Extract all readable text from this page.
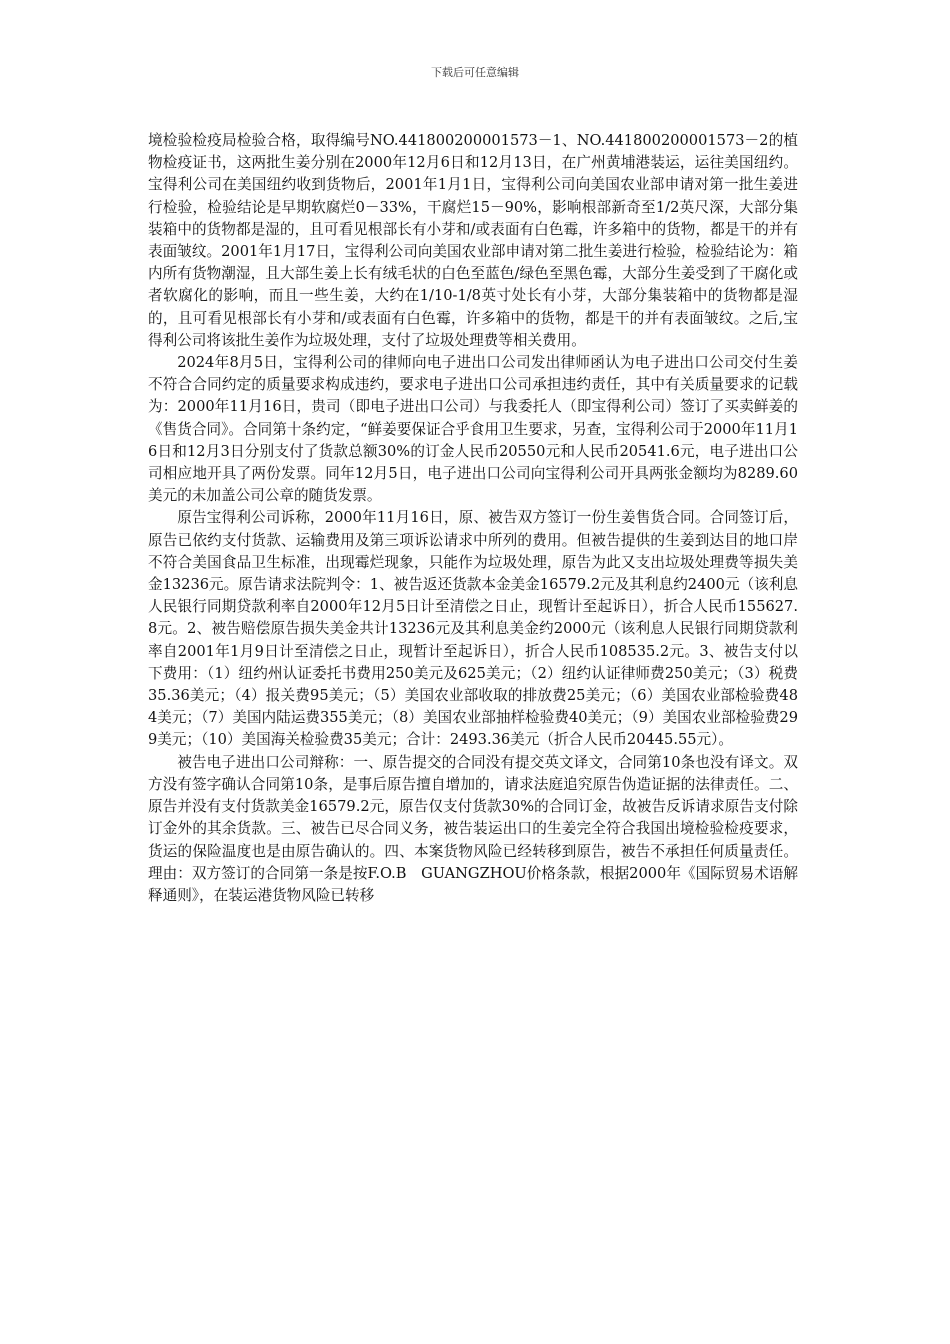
下载后可任意编辑

境检验检疫局检验合格，取得编号NO.441800200001573－1、NO.441800200001573－2的植物检疫证书，这两批生姜分别在2000年12月6日和12月13日，在广州黄埔港装运，运往美国纽约。宝得利公司在美国纽约收到货物后，2001年1月1日，宝得利公司向美国农业部申请对第一批生姜进行检验，检验结论是早期软腐烂0－33%，干腐烂15－90%，影响根部新奇至1/2英尺深，大部分集装箱中的货物都是湿的，且可看见根部长有小芽和/或表面有白色霉，许多箱中的货物，都是干的并有表面皱纹。2001年1月17日，宝得利公司向美国农业部申请对第二批生姜进行检验，检验结论为：箱内所有货物潮湿，且大部生姜上长有绒毛状的白色至蓝色/绿色至黑色霉，大部分生姜受到了干腐化或者软腐化的影响，而且一些生姜，大约在1/10-1/8英寸处长有小芽，大部分集装箱中的货物都是湿的，且可看见根部长有小芽和/或表面有白色霉，许多箱中的货物，都是干的并有表面皱纹。之后,宝得利公司将该批生姜作为垃圾处理，支付了垃圾处理费等相关费用。

2024年8月5日，宝得利公司的律师向电子进出口公司发出律师函认为电子进出口公司交付生姜不符合合同约定的质量要求构成违约，要求电子进出口公司承担违约责任，其中有关质量要求的记载为：2000年11月16日，贵司（即电子进出口公司）与我委托人（即宝得利公司）签订了买卖鲜姜的《售货合同》。合同第十条约定，“鲜姜要保证合乎食用卫生要求，另查，宝得利公司于2000年11月16日和12月3日分别支付了货款总额30%的订金人民币20550元和人民币20541.6元，电子进出口公司相应地开具了两份发票。同年12月5日，电子进出口公司向宝得利公司开具两张金额均为8289.60美元的未加盖公司公章的随货发票。

原告宝得利公司诉称，2000年11月16日，原、被告双方签订一份生姜售货合同。合同签订后，原告已依约支付货款、运输费用及第三项诉讼请求中所列的费用。但被告提供的生姜到达目的地口岸不符合美国食品卫生标准，出现霉烂现象，只能作为垃圾处理，原告为此又支出垃圾处理费等损失美金13236元。原告请求法院判令：1、被告返还货款本金美金16579.2元及其利息约2400元（该利息人民银行同期贷款利率自2000年12月5日计至清偿之日止，现暂计至起诉日），折合人民币155627.8元。2、被告赔偿原告损失美金共计13236元及其利息美金约2000元（该利息人民银行同期贷款利率自2001年1月9日计至清偿之日止，现暂计至起诉日），折合人民币108535.2元。3、被告支付以下费用：（1）纽约州认证委托书费用250美元及625美元；（2）纽约认证律师费250美元；（3）税费35.36美元；（4）报关费95美元；（5）美国农业部收取的排放费25美元；（6）美国农业部检验费484美元；（7）美国内陆运费355美元；（8）美国农业部抽样检验费40美元；（9）美国农业部检验费299美元；（10）美国海关检验费35美元；合计：2493.36美元（折合人民币20445.55元）。

被告电子进出口公司辩称：一、原告提交的合同没有提交英文译文，合同第10条也没有译文。双方没有签字确认合同第10条，是事后原告擅自增加的，请求法庭追究原告伪造证据的法律责任。二、原告并没有支付货款美金16579.2元，原告仅支付货款30%的合同订金，故被告反诉请求原告支付除订金外的其余货款。三、被告已尽合同义务，被告装运出口的生姜完全符合我国出境检验检疫要求，货运的保险温度也是由原告确认的。四、本案货物风险已经转移到原告，被告不承担任何质量责任。理由：双方签订的合同第一条是按F.O.B　GUANGZHOU价格条款，根据2000年《国际贸易术语解释通则》，在装运港货物风险已转移
